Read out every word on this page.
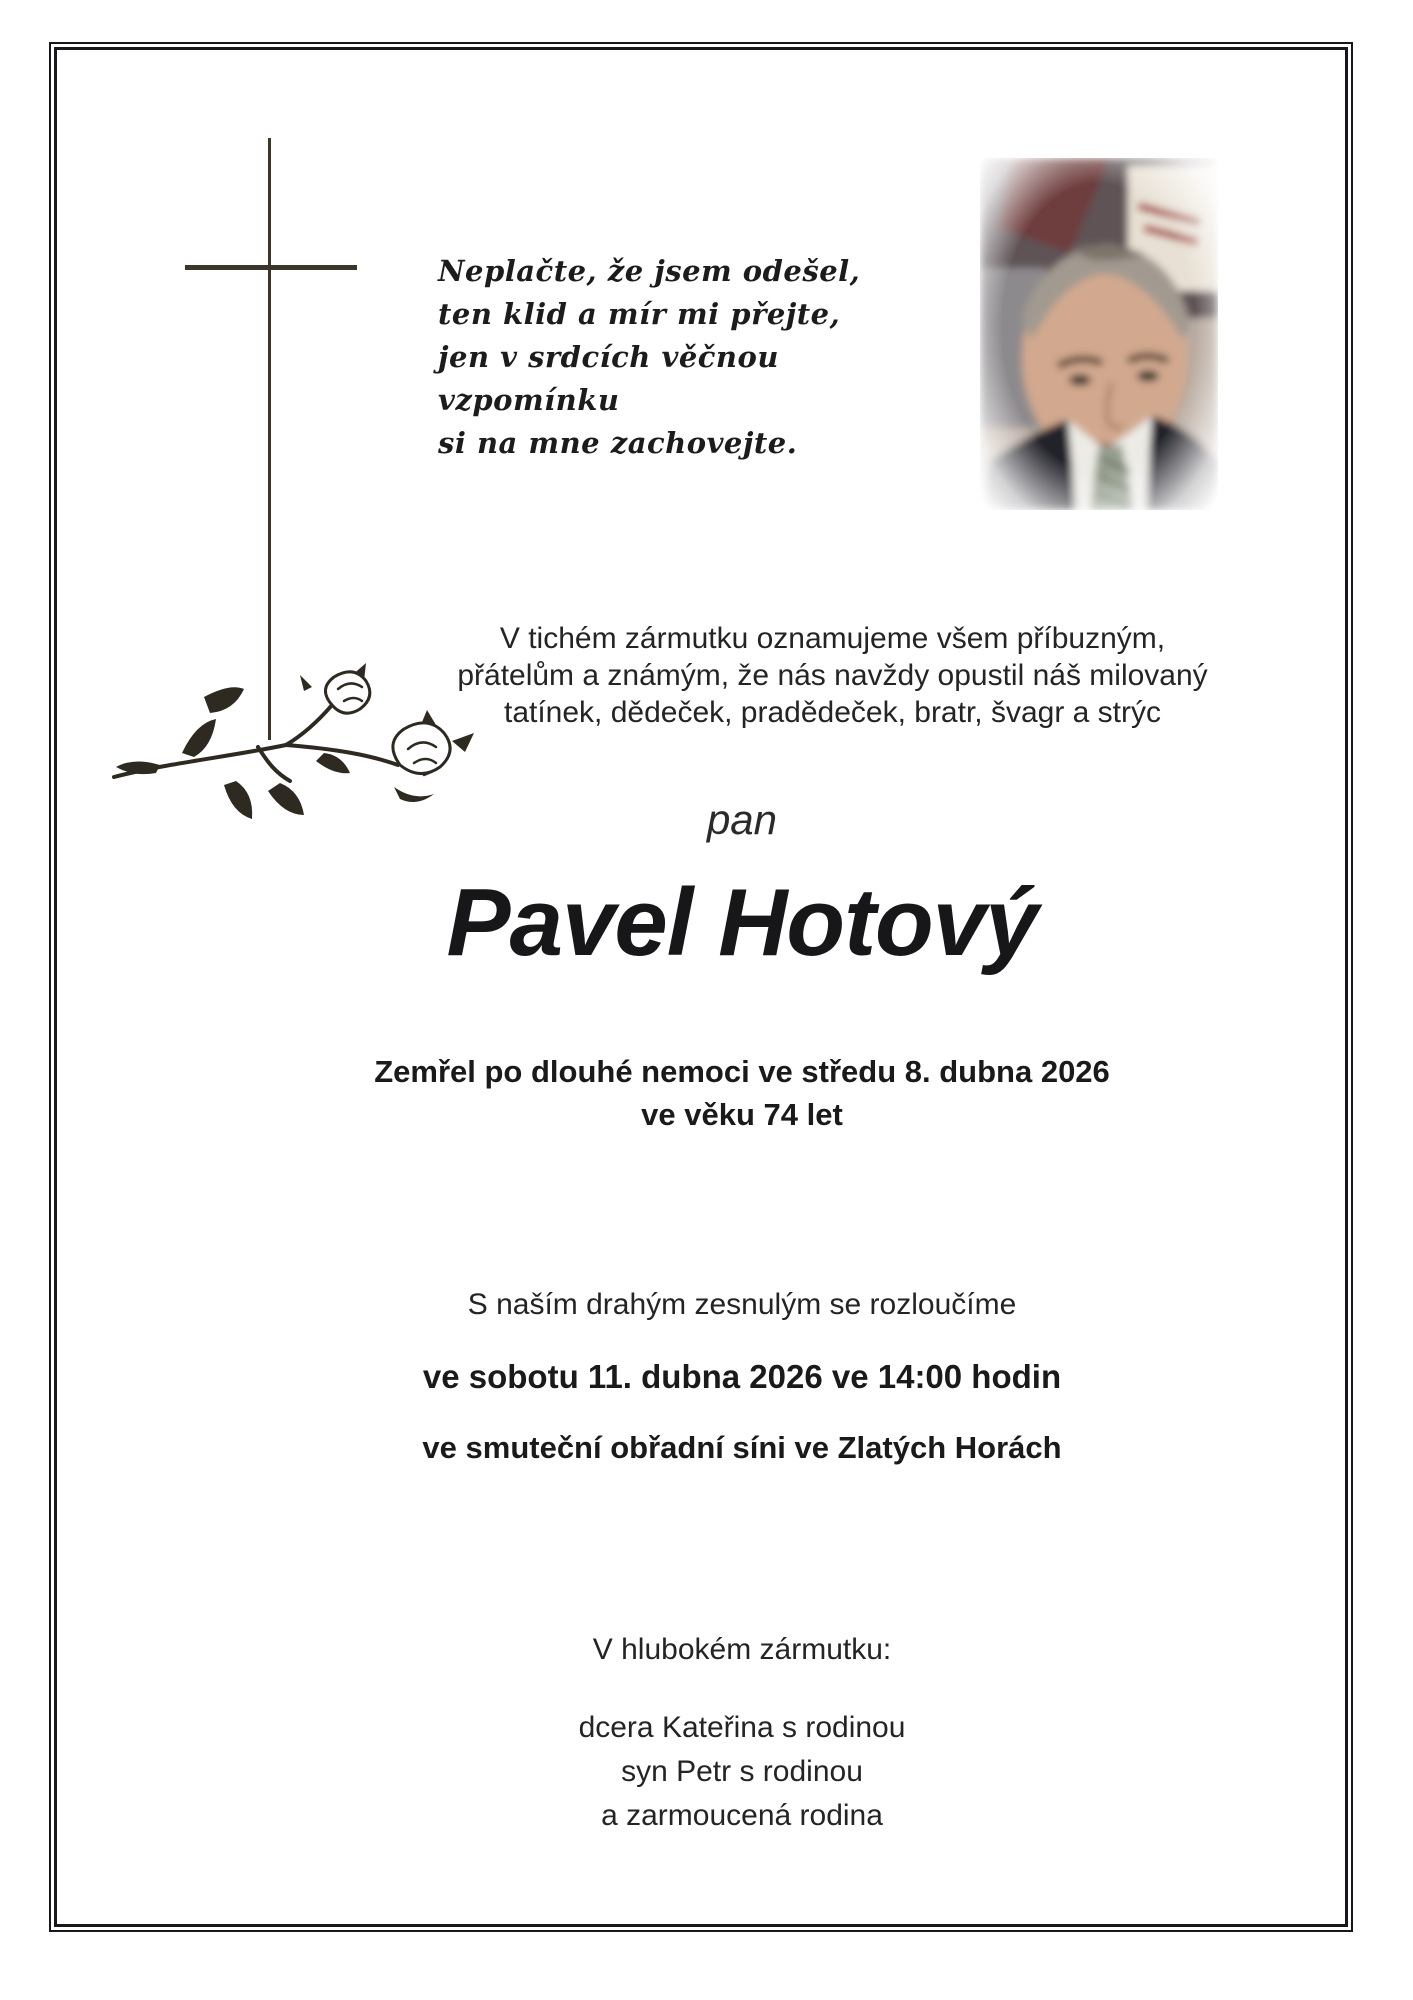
Neplačte, že jsem odešel,
ten klid a mír mi přejte,
jen v srdcích věčnou vzpomínku
si na mne zachovejte.
V tichém zármutku oznamujeme všem příbuzným,
přátelům a známým, že nás navždy opustil náš milovaný
tatínek, dědeček, pradědeček, bratr, švagr a strýc
pan
Pavel Hotový
Zemřel po dlouhé nemoci ve středu 8. dubna 2026
ve věku 74 let
S naším drahým zesnulým se rozloučíme
ve sobotu 11. dubna 2026 ve 14:00 hodin
ve smuteční obřadní síni ve Zlatých Horách
V hlubokém zármutku:
dcera Kateřina s rodinou
syn Petr s rodinou
a zarmoucená rodina
